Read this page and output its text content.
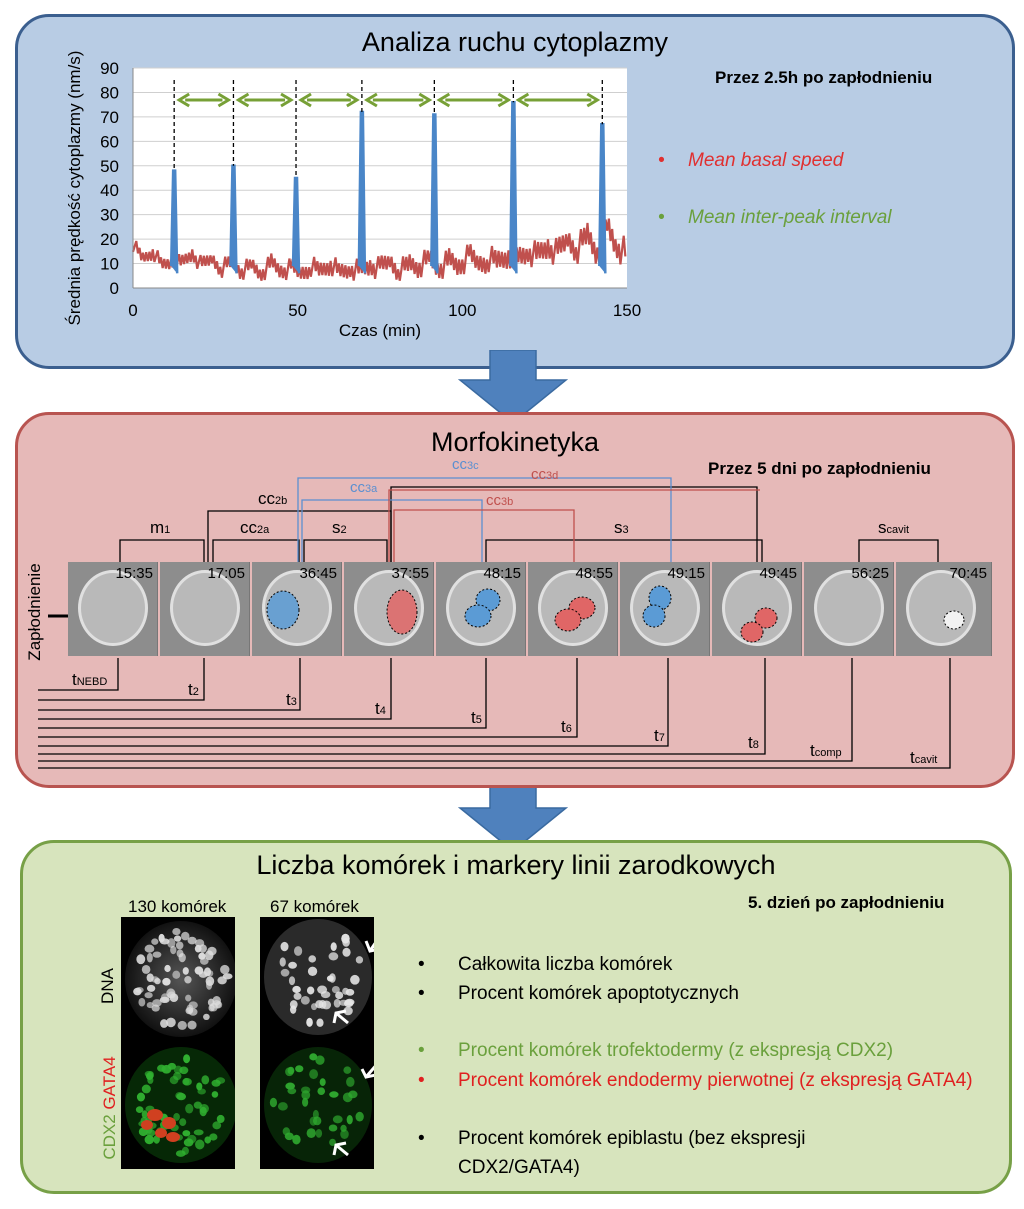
Analiza ruchu cytoplazmy
Przez 2.5h po zapłodnieniu
• Mean basal speed
• Mean inter-peak interval
0
10
20
30
40
50
60
70
80
90
0	50	100	150
Czas (min)
Średnia prędkość cytoplazmy (nm/s)
Morfokinetyka
Przez 5 dni po zapłodnieniu
Zapłodnienie	15:35	17:05	36:45	37:55	48:15	48:55	49:15	49:45	56:25	70:45
m1	cc2a	s2
cc2b
cc3a
cc3b
cc3c	cc3d
s3	scavit
tNEBD	t2	t3	t4	t5	t6	t7	t8	tcomp	tcavit
Liczba komórek i markery linii zarodkowych
5. dzień po zapłodnieniu
130 komórek	67 komórek
DNA
CDX2 GATA4
• Całkowita liczba komórek
• Procent komórek apoptotycznych
• Procent komórek trofektodermy (z ekspresją CDX2)
• Procent komórek endodermy pierwotnej (z ekspresją GATA4)
• Procent komórek epiblastu (bez ekspresji CDX2/GATA4)
